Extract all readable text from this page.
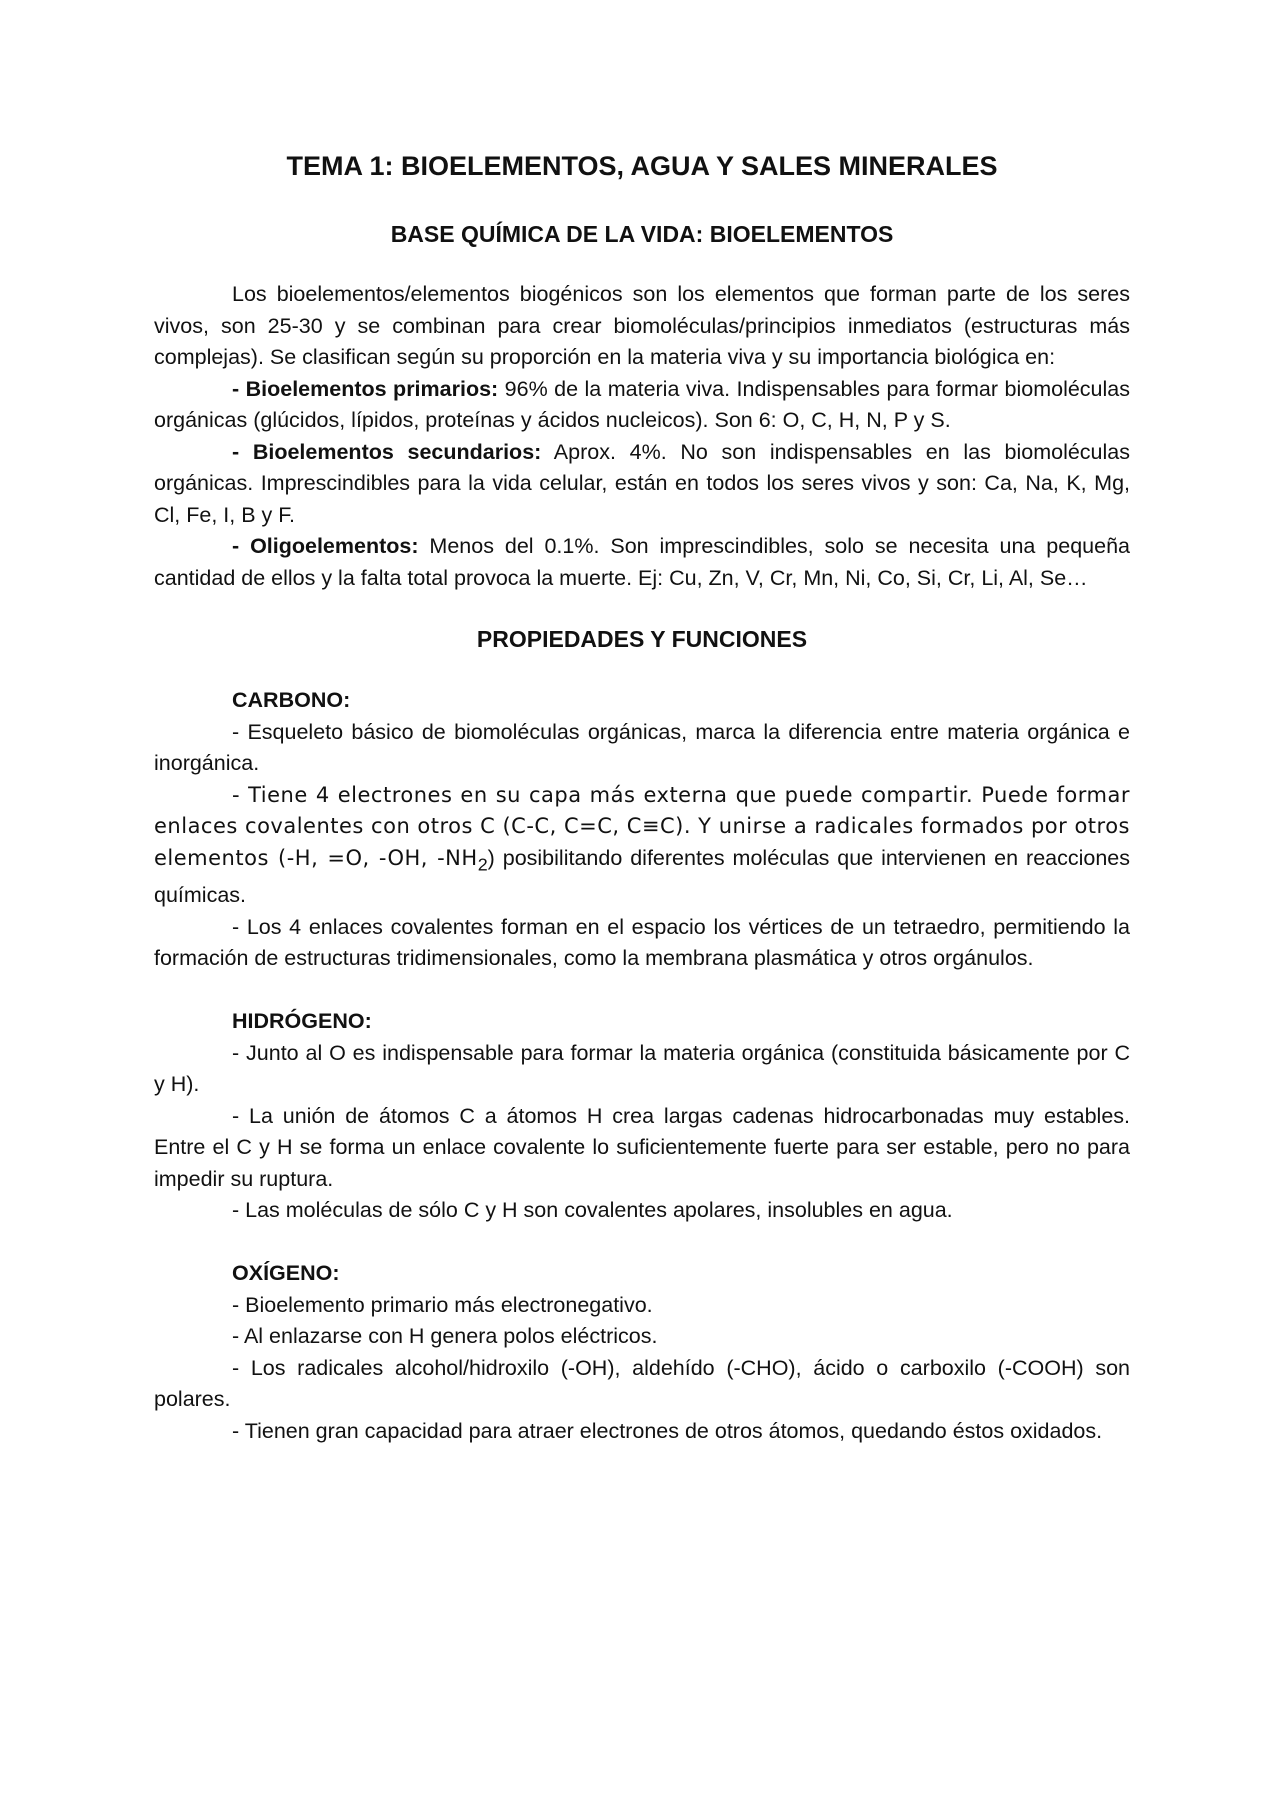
TEMA 1: BIOELEMENTOS, AGUA Y SALES MINERALES
BASE QUÍMICA DE LA VIDA: BIOELEMENTOS

Los bioelementos/elementos biogénicos son los elementos que forman parte de los seres vivos, son 25-30 y se combinan para crear biomoléculas/principios inmediatos (estructuras más complejas). Se clasifican según su proporción en la materia viva y su importancia biológica en:

- Bioelementos primarios: 96% de la materia viva. Indispensables para formar biomoléculas orgánicas (glúcidos, lípidos, proteínas y ácidos nucleicos). Son 6: O, C, H, N, P y S.

- Bioelementos secundarios: Aprox. 4%. No son indispensables en las biomoléculas orgánicas. Imprescindibles para la vida celular, están en todos los seres vivos y son: Ca, Na, K, Mg, Cl, Fe, I, B y F.

- Oligoelementos: Menos del 0.1%. Son imprescindibles, solo se necesita una pequeña cantidad de ellos y la falta total provoca la muerte. Ej: Cu, Zn, V, Cr, Mn, Ni, Co, Si, Cr, Li, Al, Se…

PROPIEDADES Y FUNCIONES
CARBONO:

- Esqueleto básico de biomoléculas orgánicas, marca la diferencia entre materia orgánica e inorgánica.

- Tiene 4 electrones en su capa más externa que puede compartir. Puede formar enlaces covalentes con otros C (C-C, C=C, C≡C). Y unirse a radicales formados por otros elementos (-H, =O, -OH, $-NH_2$) posibilitando diferentes moléculas que intervienen en reacciones químicas.

- Los 4 enlaces covalentes forman en el espacio los vértices de un tetraedro, permitiendo la formación de estructuras tridimensionales, como la membrana plasmática y otros orgánulos.

HIDRÓGENO:

- Junto al O es indispensable para formar la materia orgánica (constituida básicamente por C y H).

- La unión de átomos C a átomos H crea largas cadenas hidrocarbonadas muy estables. Entre el C y H se forma un enlace covalente lo suficientemente fuerte para ser estable, pero no para impedir su ruptura.

- Las moléculas de sólo C y H son covalentes apolares, insolubles en agua.

OXÍGENO:

- Bioelemento primario más electronegativo.

- Al enlazarse con H genera polos eléctricos.

- Los radicales alcohol/hidroxilo (-OH), aldehído (-CHO), ácido o carboxilo (-COOH) son polares.

- Tienen gran capacidad para atraer electrones de otros átomos, quedando éstos oxidados.
